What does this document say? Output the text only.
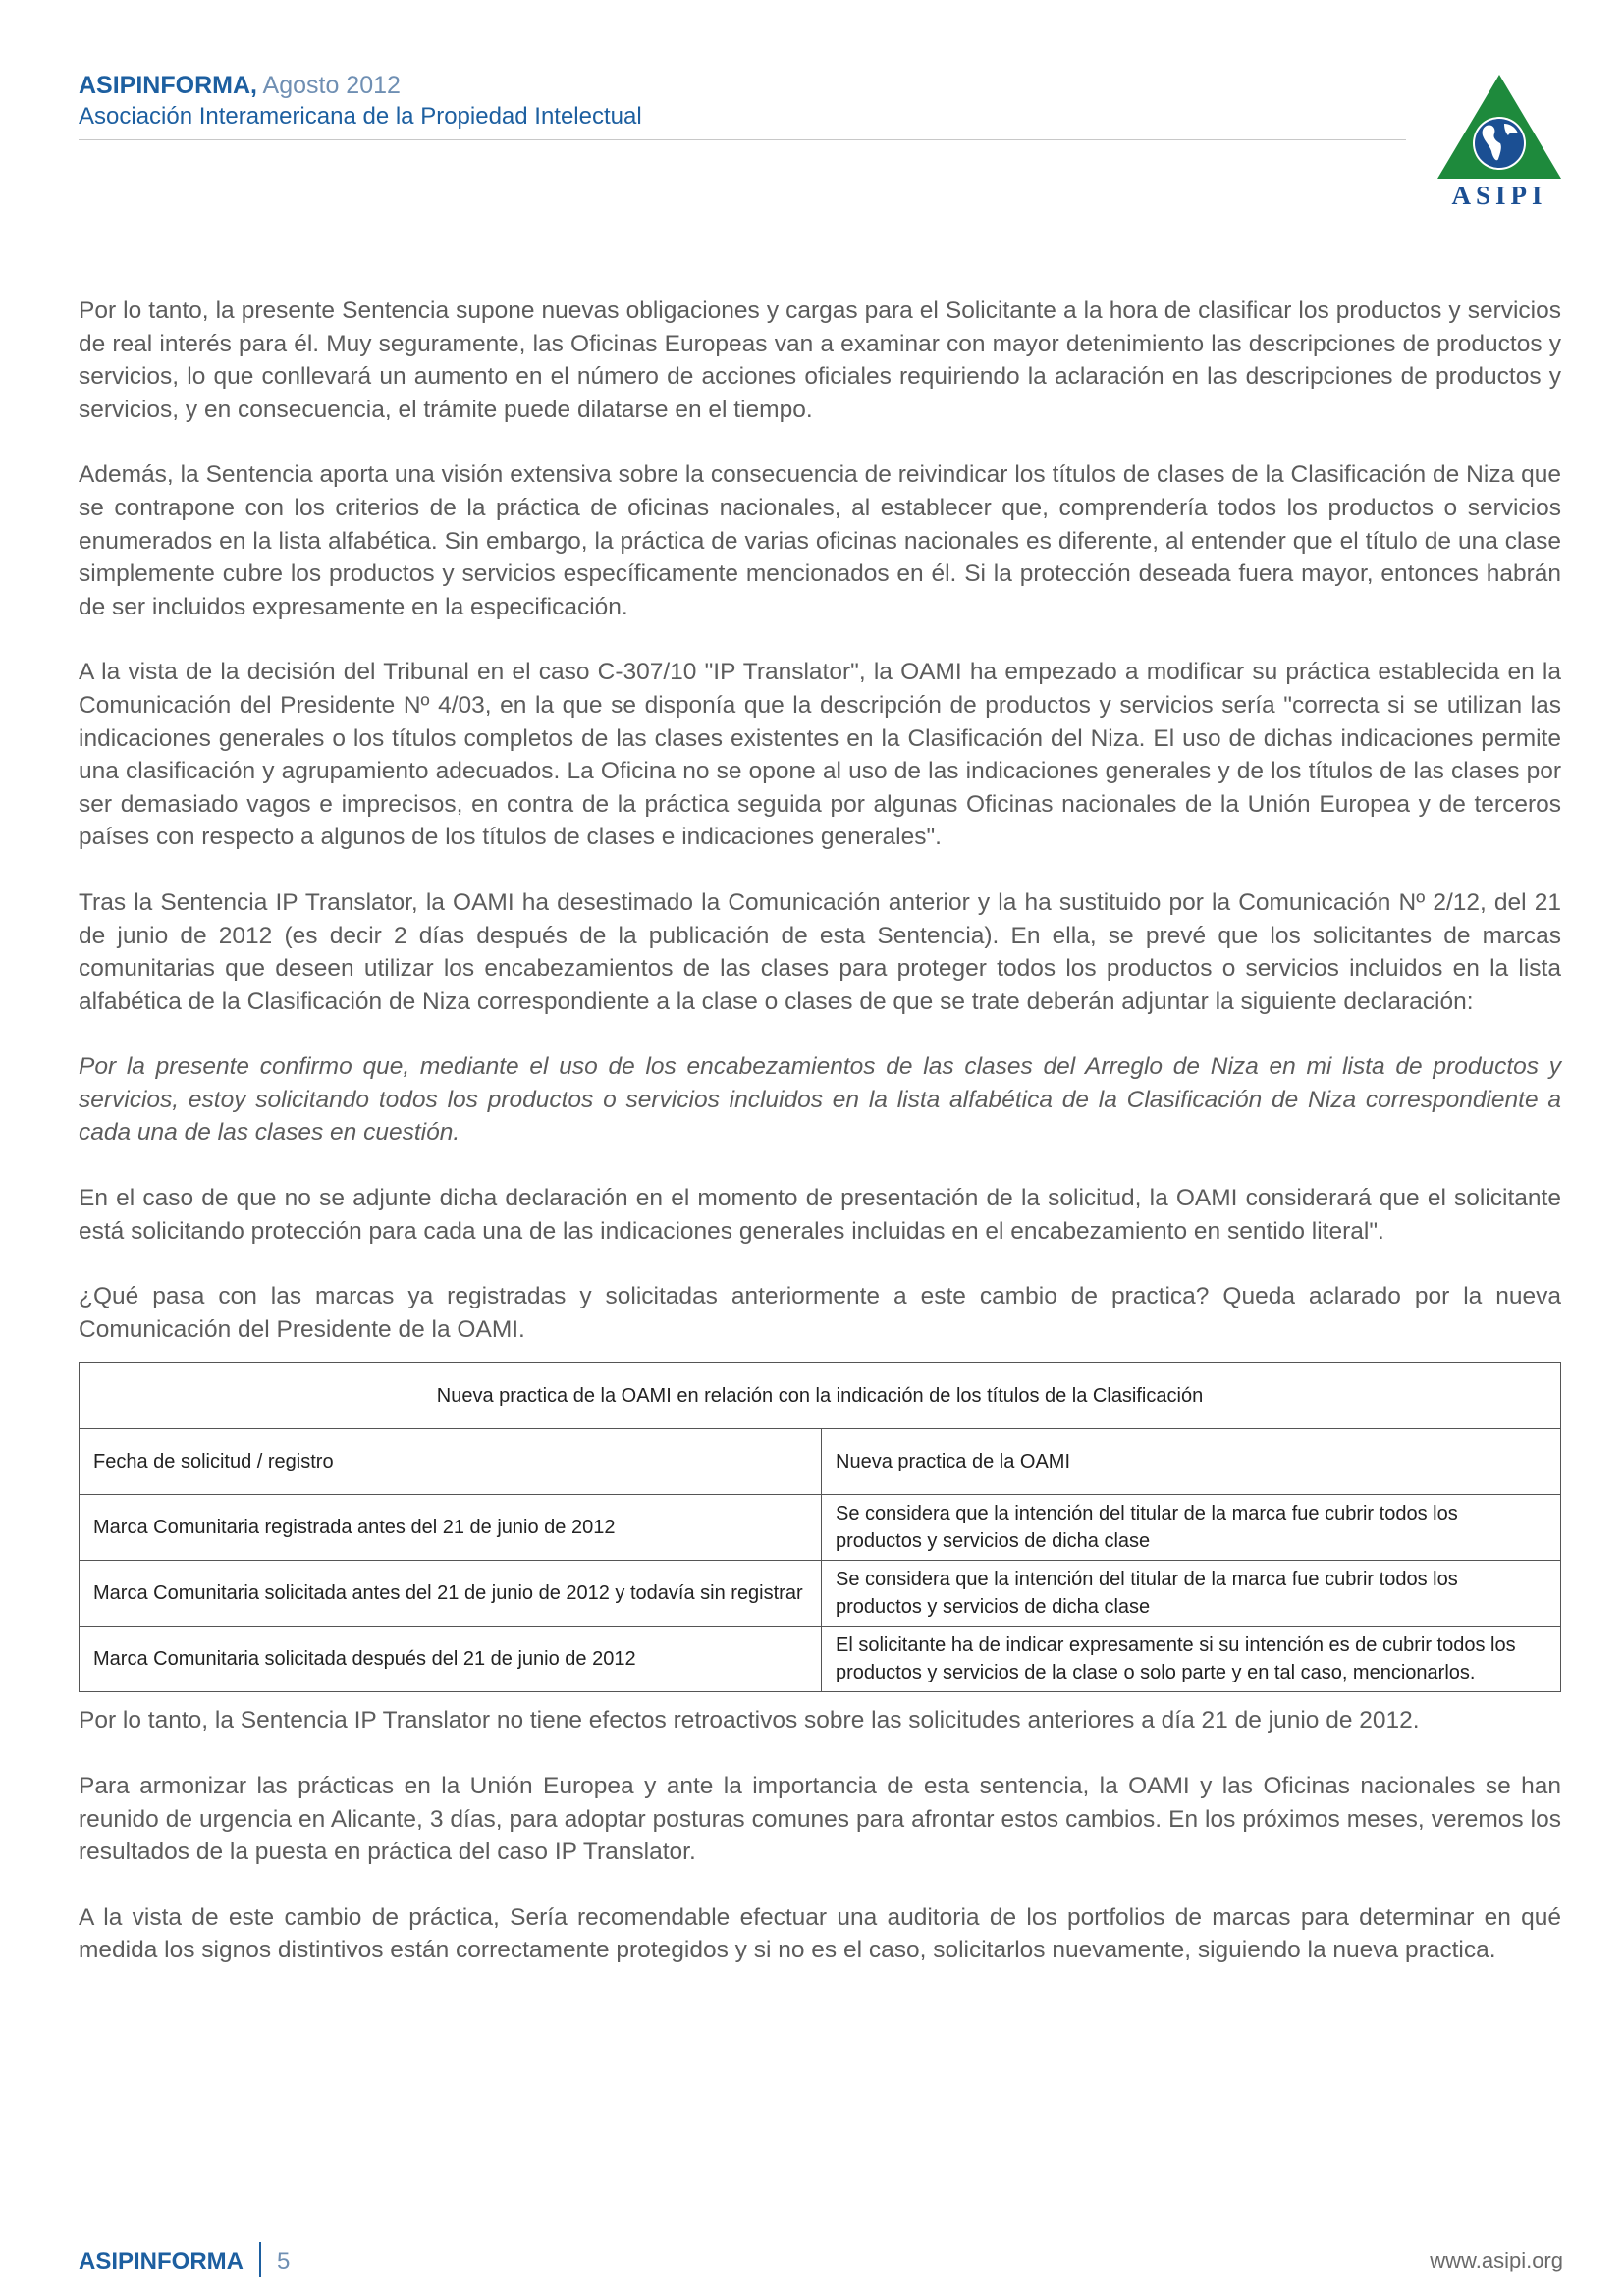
ASIPINFORMA, Agosto 2012
Asociación Interamericana de la Propiedad Intelectual
ASIPI

Por lo tanto, la presente Sentencia supone nuevas obligaciones y cargas para el Solicitante a la hora de clasificar los productos y servicios de real interés para él. Muy seguramente, las Oficinas Europeas van a examinar con mayor detenimiento las descripciones de productos y servicios, lo que conllevará un aumento en el número de acciones oficiales requiriendo la aclaración en las descripciones de productos y servicios, y en consecuencia, el trámite puede dilatarse en el tiempo.

Además, la Sentencia aporta una visión extensiva sobre la consecuencia de reivindicar los títulos de clases de la Clasificación de Niza que se contrapone con los criterios de la práctica de oficinas nacionales, al establecer que, comprendería todos los productos o servicios enumerados en la lista alfabética. Sin embargo, la práctica de varias oficinas nacionales es diferente, al entender que el título de una clase simplemente cubre los productos y servicios específicamente mencionados en él. Si la protección deseada fuera mayor, entonces habrán de ser incluidos expresamente en la especificación.

A la vista de la decisión del Tribunal en el caso C-307/10 "IP Translator", la OAMI ha empezado a modificar su práctica establecida en la Comunicación del Presidente Nº 4/03, en la que se disponía que la descripción de productos y servicios sería "correcta si se utilizan las indicaciones generales o los títulos completos de las clases existentes en la Clasificación del Niza. El uso de dichas indicaciones permite una clasificación y agrupamiento adecuados. La Oficina no se opone al uso de las indicaciones generales y de los títulos de las clases por ser demasiado vagos e imprecisos, en contra de la práctica seguida por algunas Oficinas nacionales de la Unión Europea y de terceros países con respecto a algunos de los títulos de clases e indicaciones generales".

Tras la Sentencia IP Translator, la OAMI ha desestimado la Comunicación anterior y la ha sustituido por la Comunicación Nº 2/12, del 21 de junio de 2012 (es decir 2 días después de la publicación de esta Sentencia). En ella, se prevé que los solicitantes de marcas comunitarias que deseen utilizar los encabezamientos de las clases para proteger todos los productos o servicios incluidos en la lista alfabética de la Clasificación de Niza correspondiente a la clase o clases de que se trate deberán adjuntar la siguiente declaración:

Por la presente confirmo que, mediante el uso de los encabezamientos de las clases del Arreglo de Niza en mi lista de productos y servicios, estoy solicitando todos los productos o servicios incluidos en la lista alfabética de la Clasificación de Niza correspondiente a cada una de las clases en cuestión.

En el caso de que no se adjunte dicha declaración en el momento de presentación de la solicitud, la OAMI considerará que el solicitante está solicitando protección para cada una de las indicaciones generales incluidas en el encabezamiento en sentido literal".

¿Qué pasa con las marcas ya registradas y solicitadas anteriormente a este cambio de practica? Queda aclarado por la nueva Comunicación del Presidente de la OAMI.

Nueva practica de la OAMI en relación con la indicación de los títulos de la Clasificación	
Fecha de solicitud / registro	Nueva practica de la OAMI
Marca Comunitaria registrada antes del 21 de junio de 2012	Se considera que la intención del titular de la marca fue cubrir todos los productos y servicios de dicha clase
Marca Comunitaria solicitada antes del 21 de junio de 2012 y todavía sin registrar	Se considera que la intención del titular de la marca fue cubrir todos los productos y servicios de dicha clase
Marca Comunitaria solicitada después del 21 de junio de 2012	El solicitante ha de indicar expresamente si su intención es de cubrir todos los productos y servicios de la clase o solo parte y en tal caso, mencionarlos.

Por lo tanto, la Sentencia IP Translator no tiene efectos retroactivos sobre las solicitudes anteriores a día 21 de junio de 2012.

Para armonizar las prácticas en la Unión Europea y ante la importancia de esta sentencia, la OAMI y las Oficinas nacionales se han reunido de urgencia en Alicante, 3 días, para adoptar posturas comunes para afrontar estos cambios. En los próximos meses, veremos los resultados de la puesta en práctica del caso IP Translator.

A la vista de este cambio de práctica, Sería recomendable efectuar una auditoria de los portfolios de marcas para determinar en qué medida los signos distintivos están correctamente protegidos y si no es el caso, solicitarlos nuevamente, siguiendo la nueva practica.

ASIPINFORMA 5	www.asipi.org
